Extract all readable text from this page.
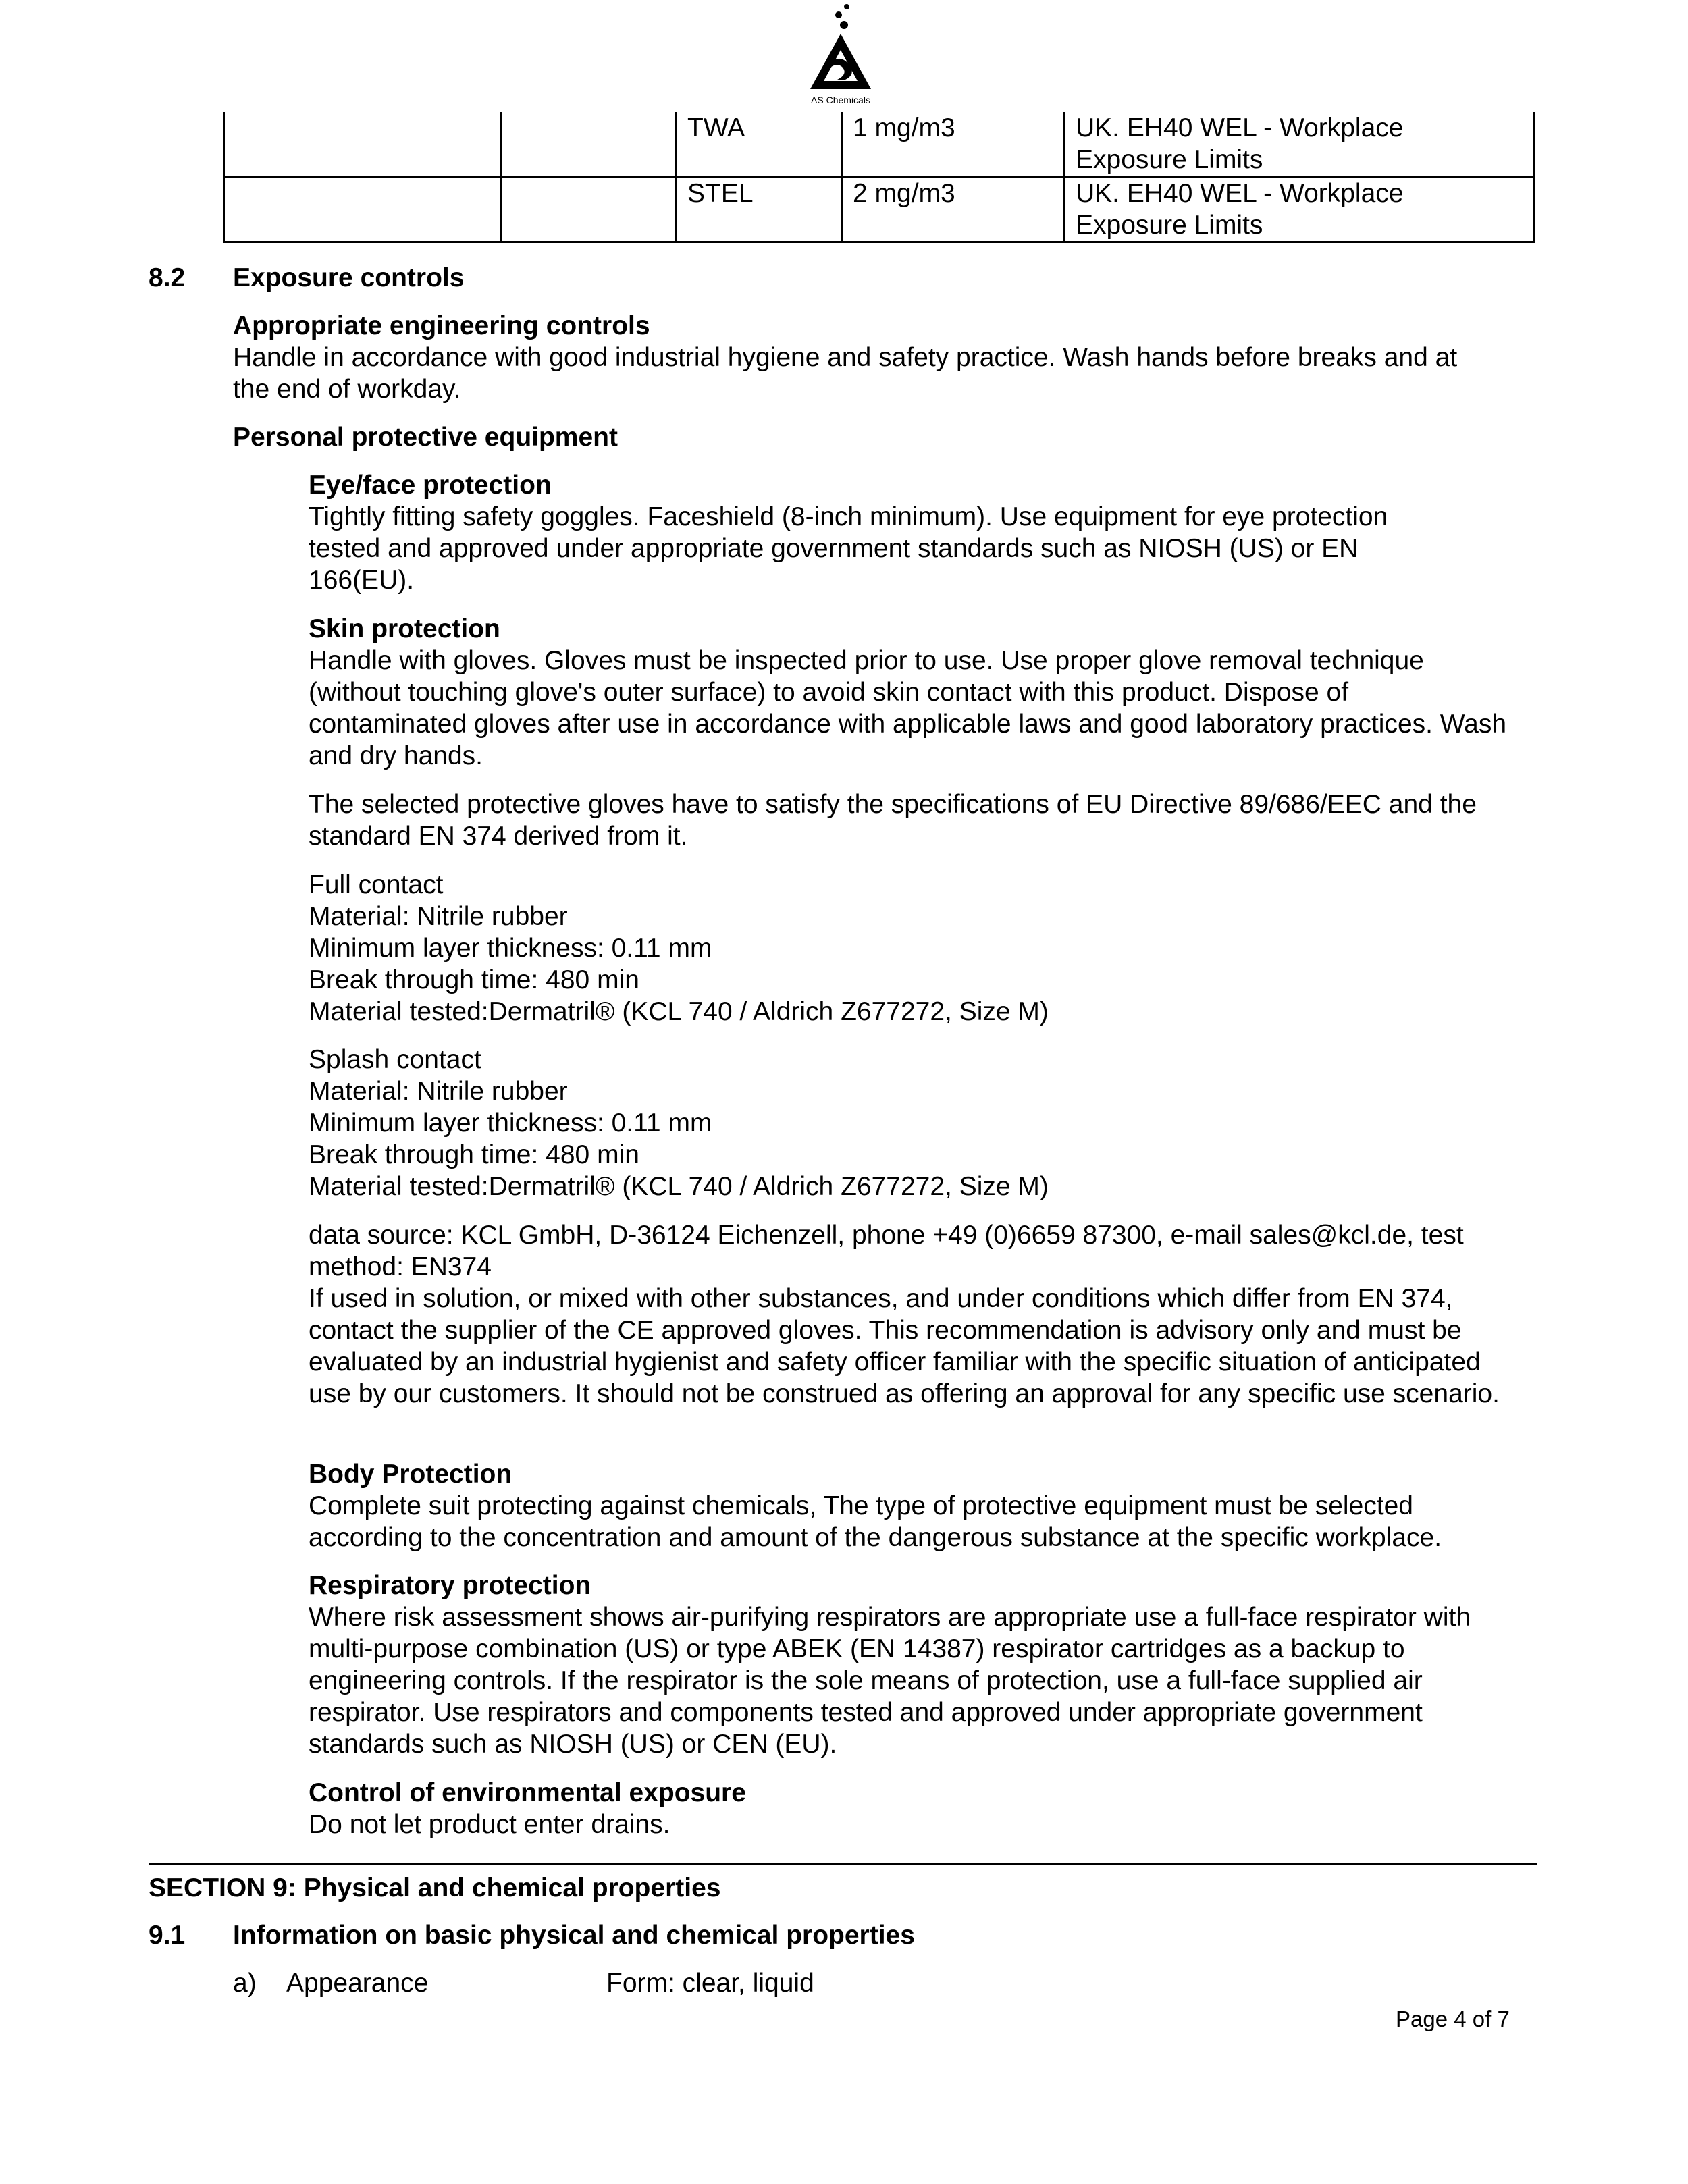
AS Chemicals
		TWA	1 mg/m3	UK. EH40 WEL - Workplace
Exposure Limits
		STEL	2 mg/m3	UK. EH40 WEL - Workplace
Exposure Limits
8.2 Exposure controls
Appropriate engineering controls

Handle in accordance with good industrial hygiene and safety practice. Wash hands before breaks and at the end of workday.

Personal protective equipment
Eye/face protection

Tightly fitting safety goggles. Faceshield (8-inch minimum). Use equipment for eye protection tested and approved under appropriate government standards such as NIOSH (US) or EN 166(EU).

Skin protection

Handle with gloves. Gloves must be inspected prior to use. Use proper glove removal technique (without touching glove's outer surface) to avoid skin contact with this product. Dispose of contaminated gloves after use in accordance with applicable laws and good laboratory practices. Wash and dry hands.

The selected protective gloves have to satisfy the specifications of EU Directive 89/686/EEC and the standard EN 374 derived from it.

Full contact
Material: Nitrile rubber
Minimum layer thickness: 0.11 mm
Break through time: 480 min
Material tested:Dermatril® (KCL 740 / Aldrich Z677272, Size M)
Splash contact
Material: Nitrile rubber
Minimum layer thickness: 0.11 mm
Break through time: 480 min
Material tested:Dermatril® (KCL 740 / Aldrich Z677272, Size M)

data source: KCL GmbH, D-36124 Eichenzell, phone +49 (0)6659 87300, e-mail sales@kcl.de, test method: EN374

If used in solution, or mixed with other substances, and under conditions which differ from EN 374, contact the supplier of the CE approved gloves. This recommendation is advisory only and must be evaluated by an industrial hygienist and safety officer familiar with the specific situation of anticipated use by our customers. It should not be construed as offering an approval for any specific use scenario.

Body Protection

Complete suit protecting against chemicals, The type of protective equipment must be selected according to the concentration and amount of the dangerous substance at the specific workplace.

Respiratory protection

Where risk assessment shows air-purifying respirators are appropriate use a full-face respirator with multi-purpose combination (US) or type ABEK (EN 14387) respirator cartridges as a backup to engineering controls. If the respirator is the sole means of protection, use a full-face supplied air respirator. Use respirators and components tested and approved under appropriate government standards such as NIOSH (US) or CEN (EU).

Control of environmental exposure

Do not let product enter drains.

SECTION 9: Physical and chemical properties
9.1 Information on basic physical and chemical properties
a) Appearance	Form: clear, liquid
Page 4 of 7
